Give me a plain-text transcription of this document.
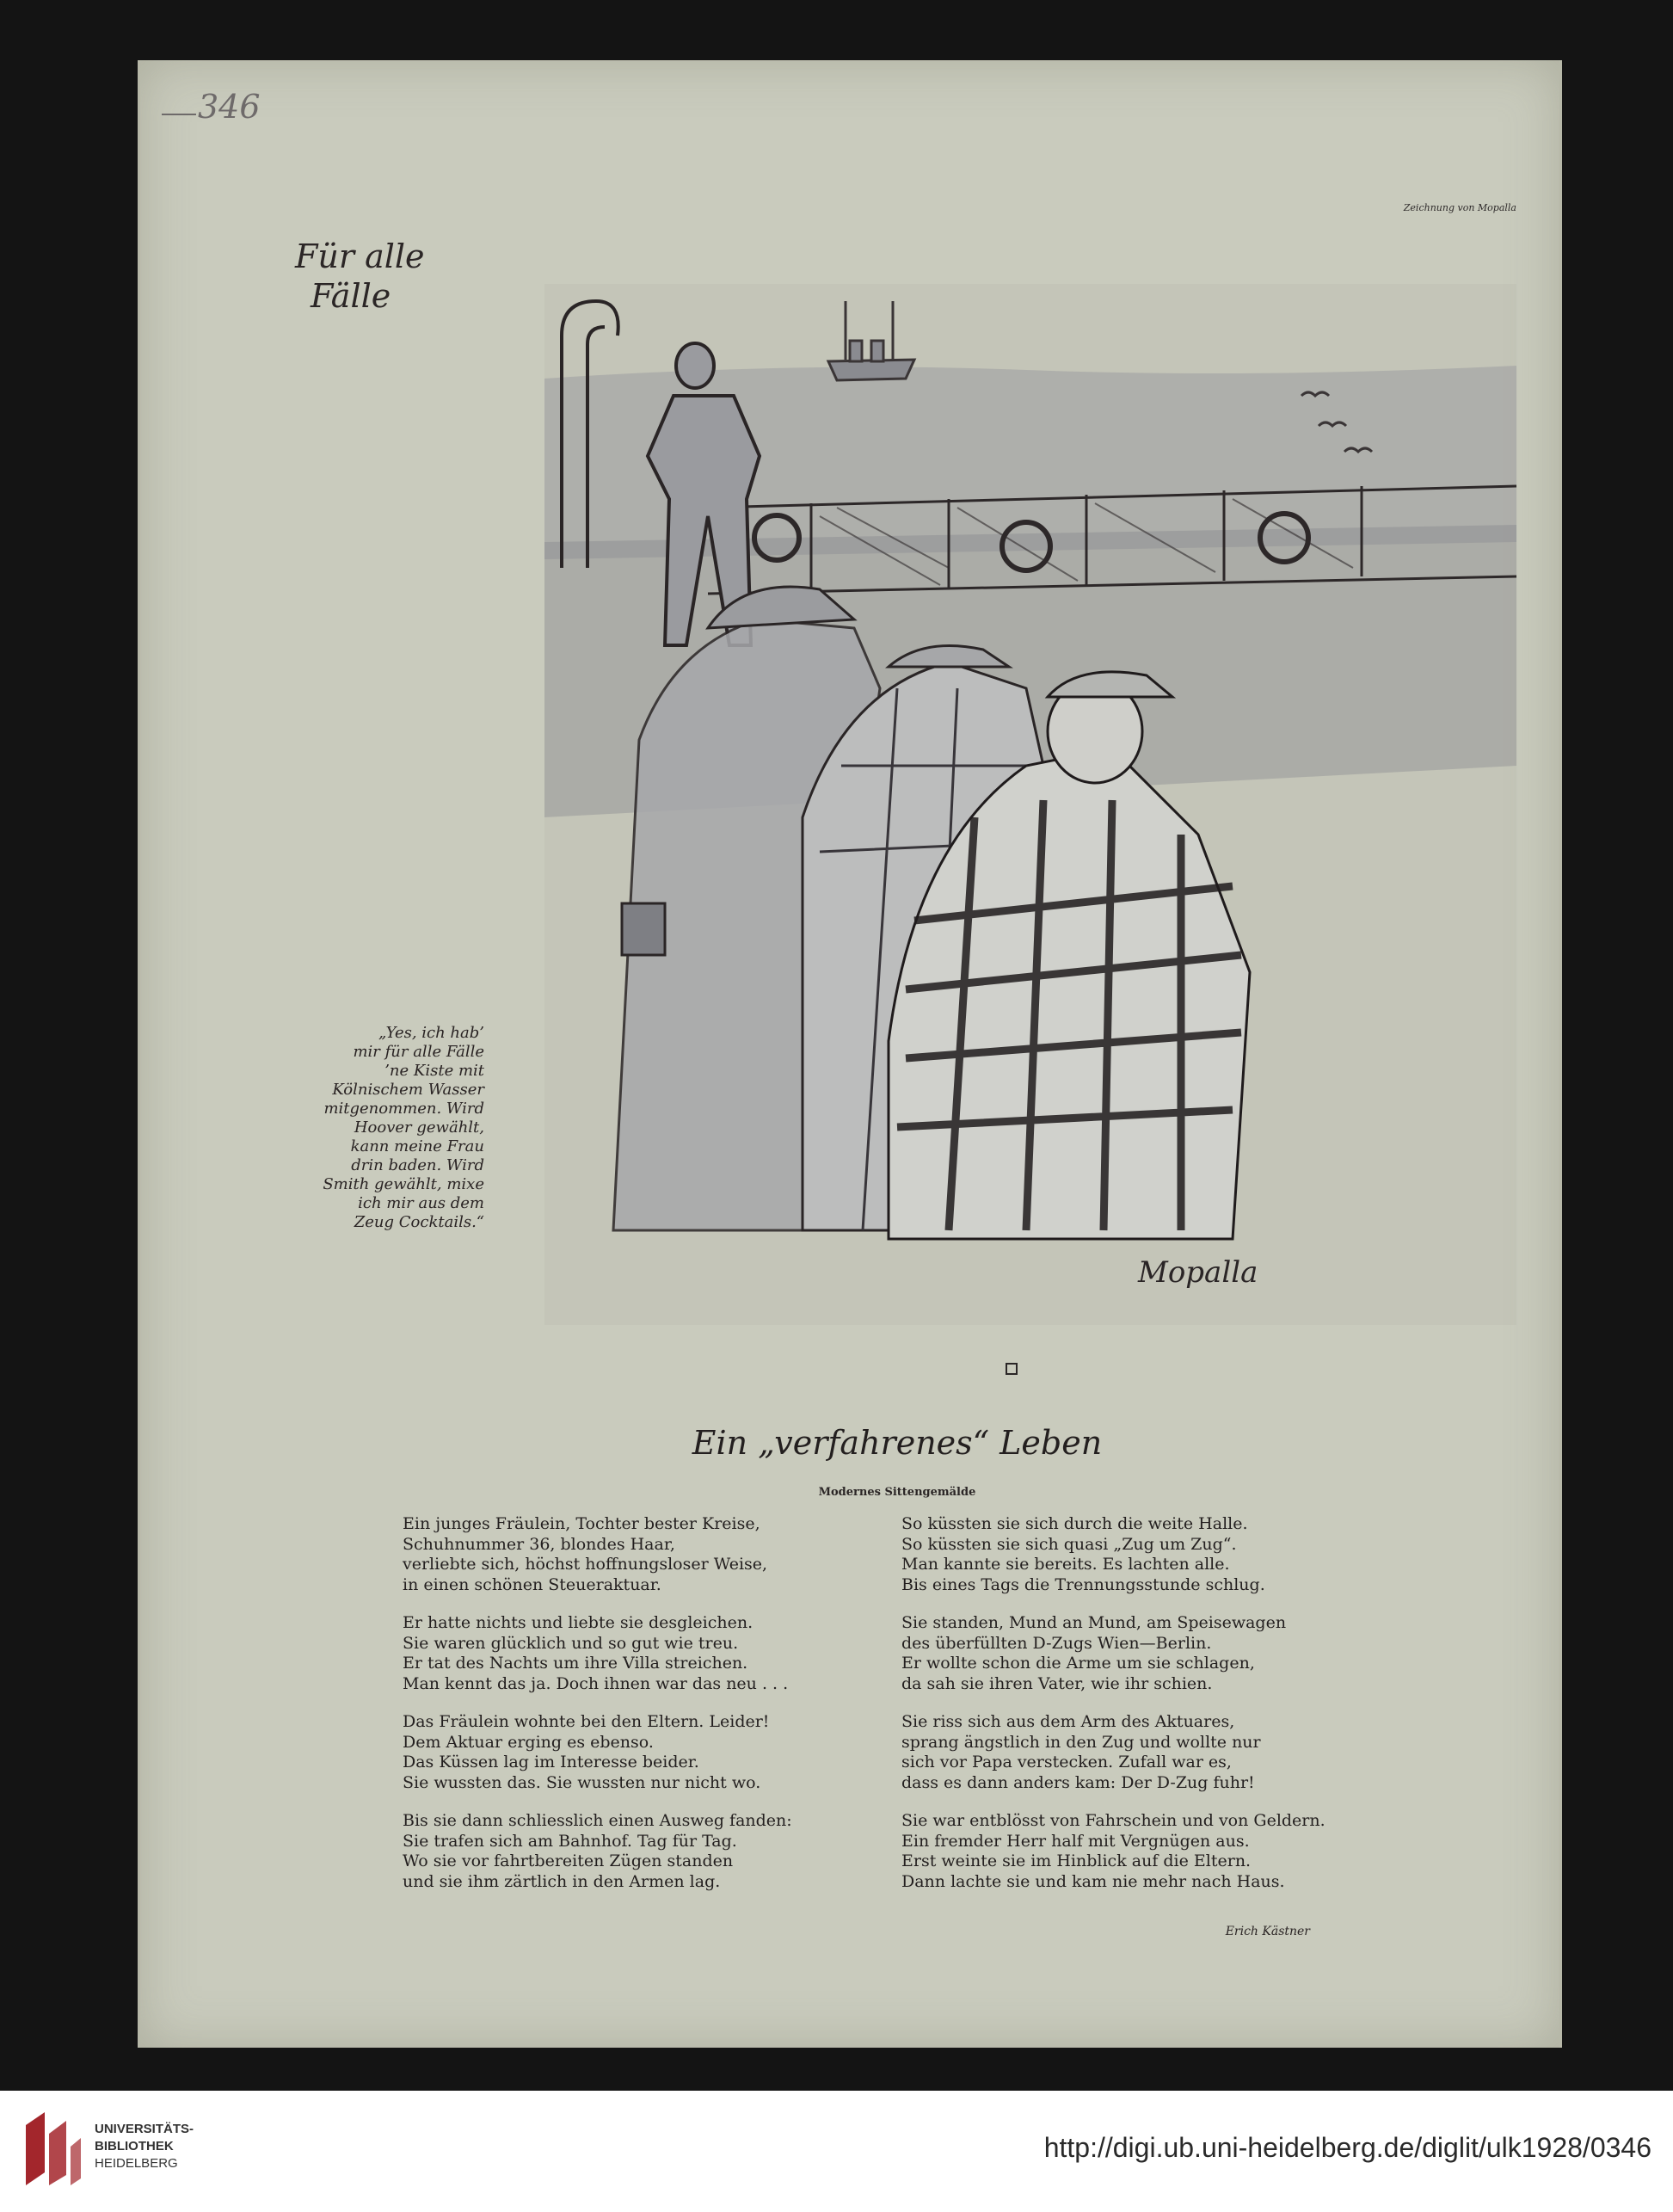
346
Für alle
Fälle
Zeichnung von Mopalla
Mopalla
„Yes, ich hab’
mir für alle Fälle
’ne Kiste mit
Kölnischem Wasser
mitgenommen. Wird
Hoover gewählt,
kann meine Frau
drin baden. Wird
Smith gewählt, mixe
ich mir aus dem
Zeug Cocktails.“
Ein „verfahrenes“ Leben
Modernes Sittengemälde
Ein junges Fräulein, Tochter bester Kreise,
Schuhnummer 36, blondes Haar,
verliebte sich, höchst hoffnungsloser Weise,
in einen schönen Steueraktuar.
Er hatte nichts und liebte sie desgleichen.
Sie waren glücklich und so gut wie treu.
Er tat des Nachts um ihre Villa streichen.
Man kennt das ja. Doch ihnen war das neu . . .
Das Fräulein wohnte bei den Eltern. Leider!
Dem Aktuar erging es ebenso.
Das Küssen lag im Interesse beider.
Sie wussten das. Sie wussten nur nicht wo.
Bis sie dann schliesslich einen Ausweg fanden:
Sie trafen sich am Bahnhof. Tag für Tag.
Wo sie vor fahrtbereiten Zügen standen
und sie ihm zärtlich in den Armen lag.
So küssten sie sich durch die weite Halle.
So küssten sie sich quasi „Zug um Zug“.
Man kannte sie bereits. Es lachten alle.
Bis eines Tags die Trennungsstunde schlug.
Sie standen, Mund an Mund, am Speisewagen
des überfüllten D-Zugs Wien—Berlin.
Er wollte schon die Arme um sie schlagen,
da sah sie ihren Vater, wie ihr schien.
Sie riss sich aus dem Arm des Aktuares,
sprang ängstlich in den Zug und wollte nur
sich vor Papa verstecken. Zufall war es,
dass es dann anders kam: Der D-Zug fuhr!
Sie war entblösst von Fahrschein und von Geldern.
Ein fremder Herr half mit Vergnügen aus.
Erst weinte sie im Hinblick auf die Eltern.
Dann lachte sie und kam nie mehr nach Haus.
Erich Kästner
UNIVERSITÄTS-
BIBLIOTHEK
HEIDELBERG
http://digi.ub.uni-heidelberg.de/diglit/ulk1928/0346
